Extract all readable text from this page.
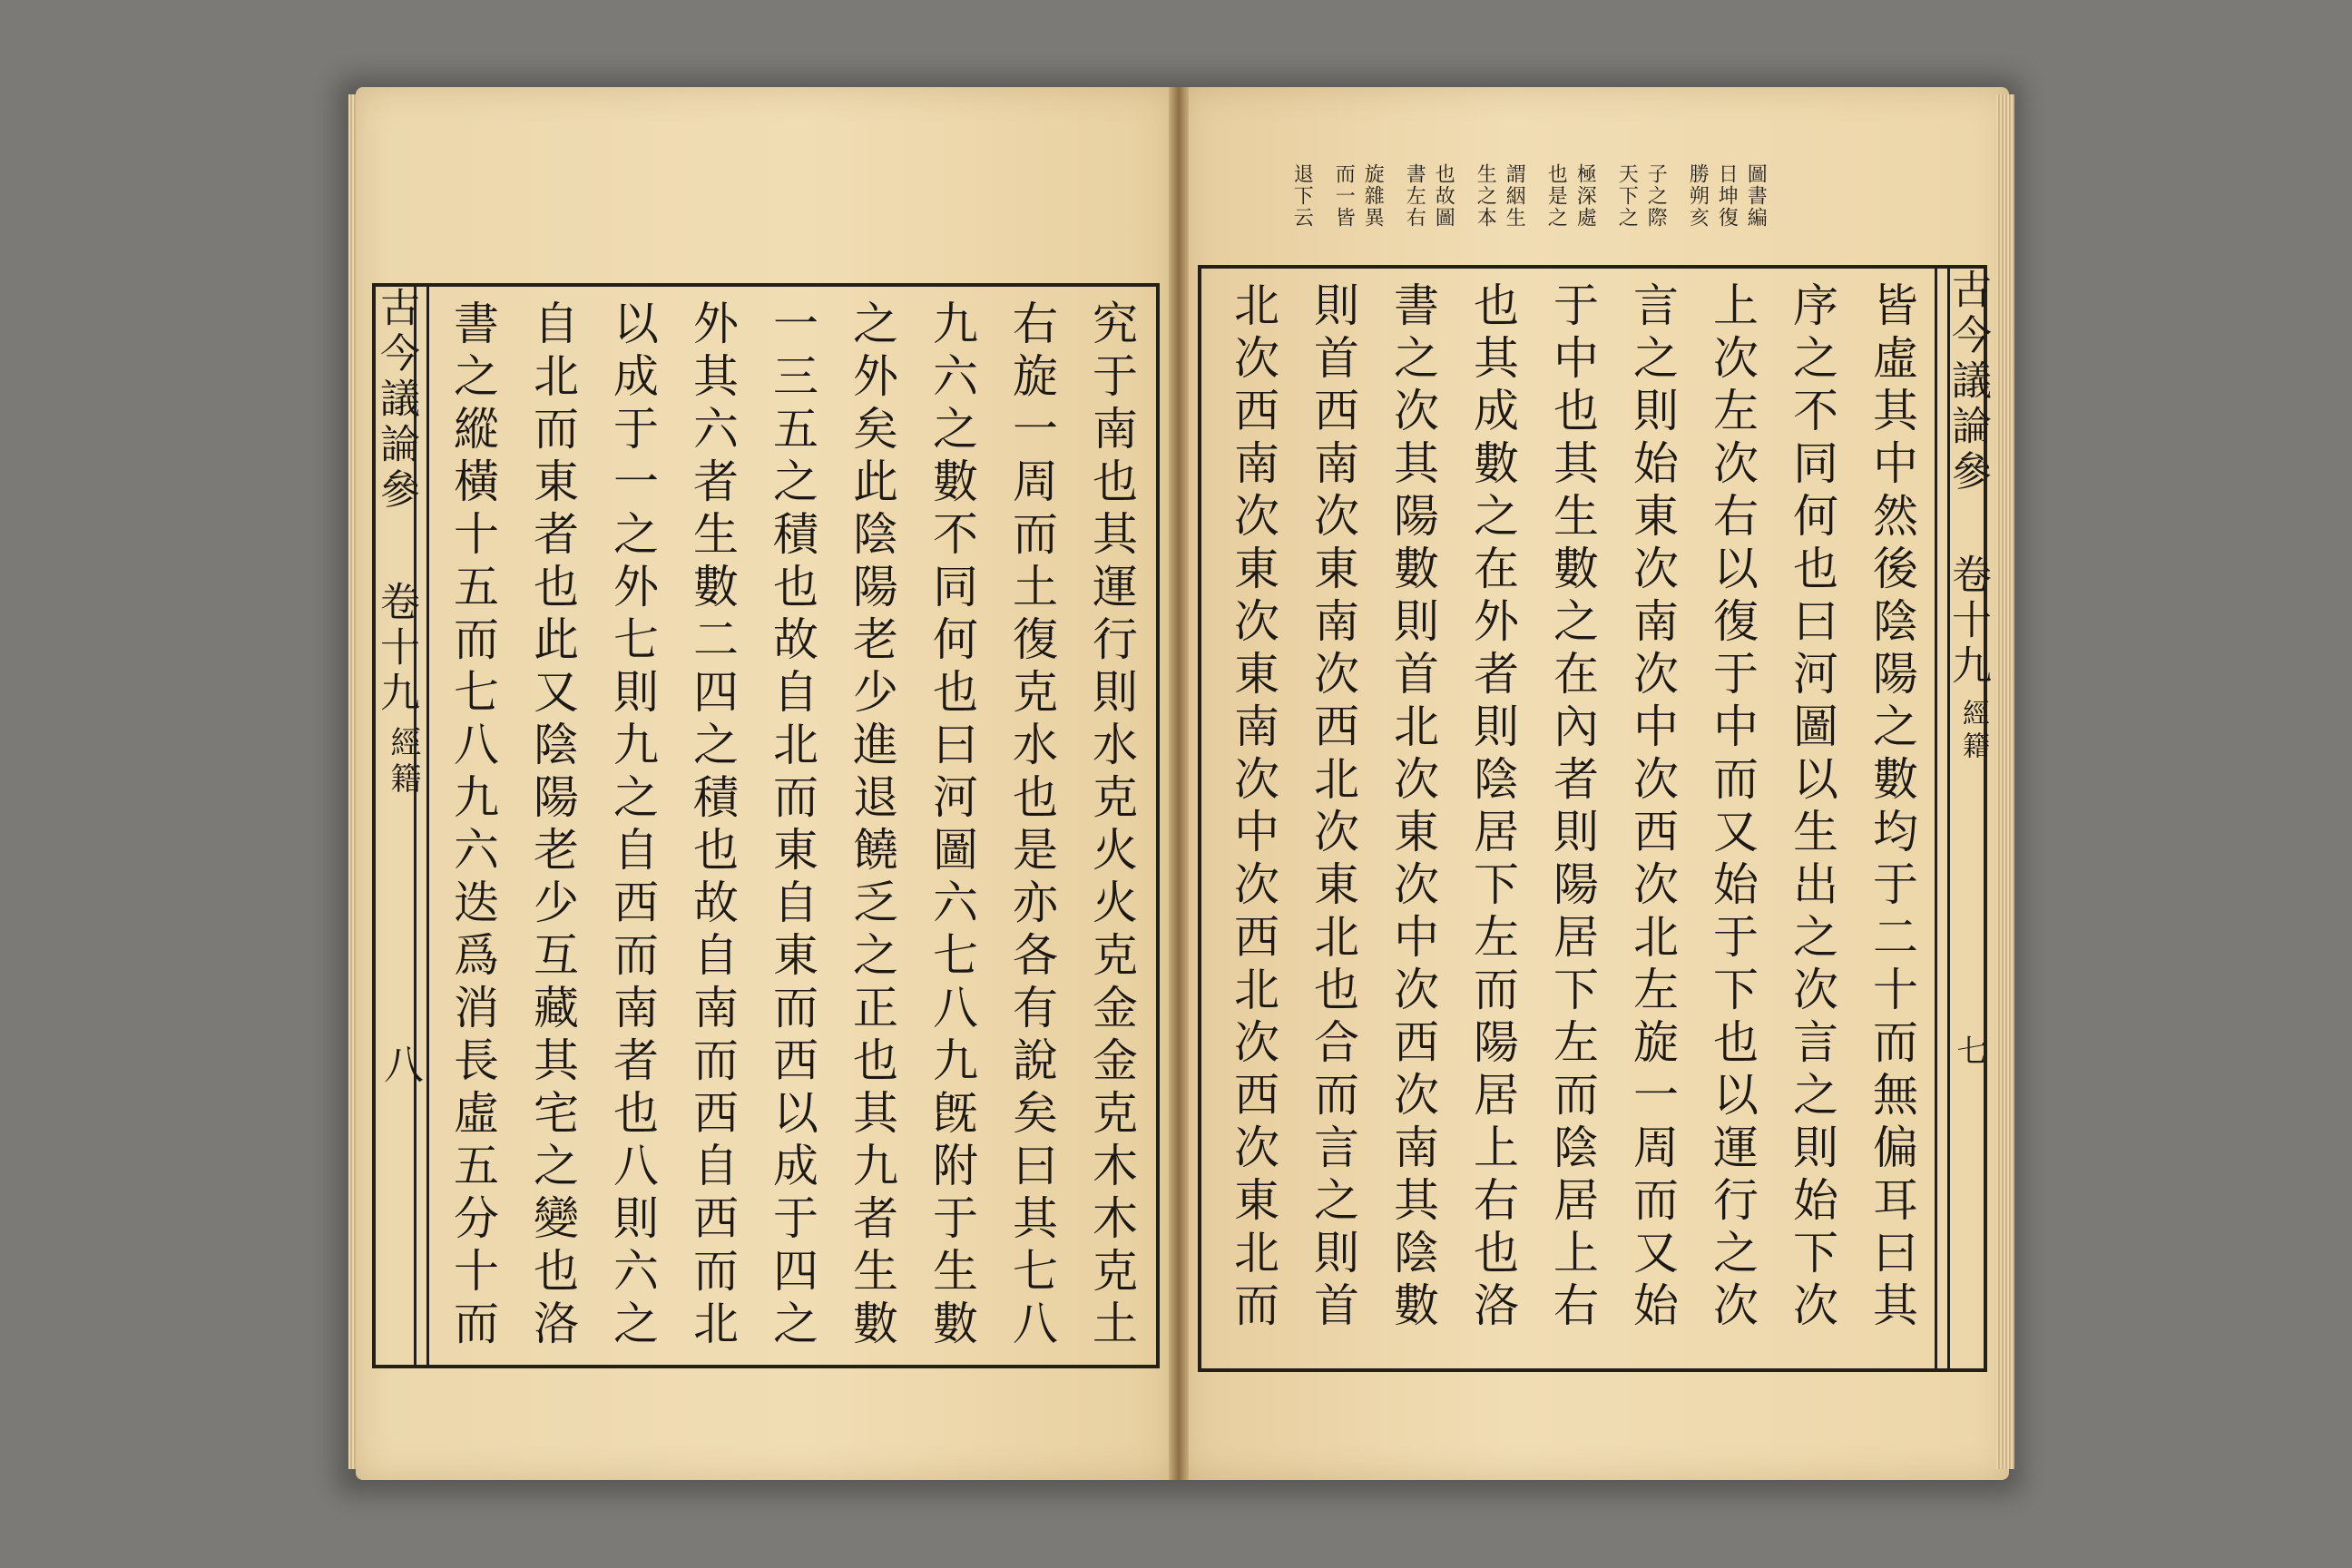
古今議論參
卷十九
經籍
八	究于南也其運行則水克火火克金金克木木克土
右旋一周而土復克水也是亦各有說矣曰其七八
九六之數不同何也曰河圖六七八九旣附于生數
之外矣此陰陽老少進退饒乏之正也其九者生數
一三五之積也故自北而東自東而西以成于四之
外其六者生數二四之積也故自南而西自西而北
以成于一之外七則九之自西而南者也八則六之
自北而東者也此又陰陽老少互藏其宅之變也洛
書之縱橫十五而七八九六迭爲消長虛五分十而	古今議論參
卷十九
經籍
七
圖書編
日坤復
勝朔亥
子之際
天下之
極深處
也是之
謂絪生
生之本
也故圖
書左右
旋雜異
而一皆
退下云
皆虛其中然後陰陽之數均于二十而無偏耳曰其
序之不同何也曰河圖以生出之次言之則始下次
上次左次右以復于中而又始于下也以運行之次
言之則始東次南次中次西次北左旋一周而又始
于中也其生數之在內者則陽居下左而陰居上右
也其成數之在外者則陰居下左而陽居上右也洛
書之次其陽數則首北次東次中次西次南其陰數
則首西南次東南次西北次東北也合而言之則首
北次西南次東次東南次中次西北次西次東北而
